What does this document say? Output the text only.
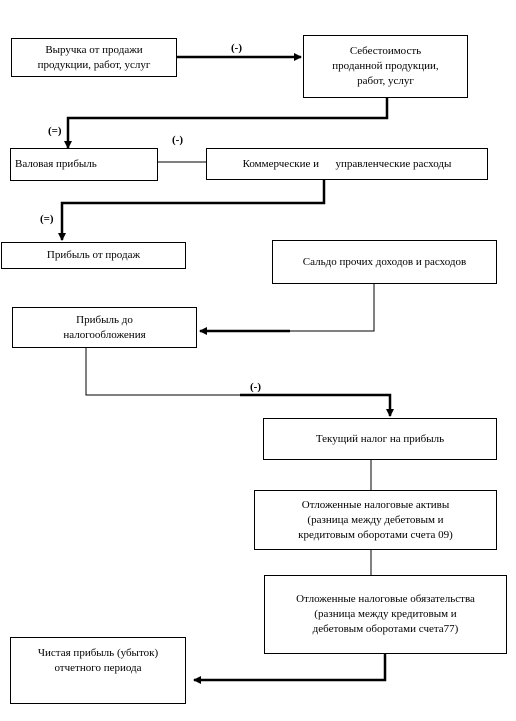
Выручка от продажи
продукции, работ, услуг
Себестоимость
проданной продукции,
работ, услуг
Валовая прибыль	Коммерческие и      управленческие расходы
Прибыль от продаж
Сальдо прочих доходов и расходов
Прибыль до
налогообложения
Текущий налог на прибыль
Отложенные налоговые активы
(разница между дебетовым и
кредитовым оборотами счета 09)
Отложенные налоговые обязательства
(разница между кредитовым и
дебетовым оборотами счета77)
Чистая прибыль (убыток)
отчетного периода
(-)
(=)
(-)
(=)
(-)
